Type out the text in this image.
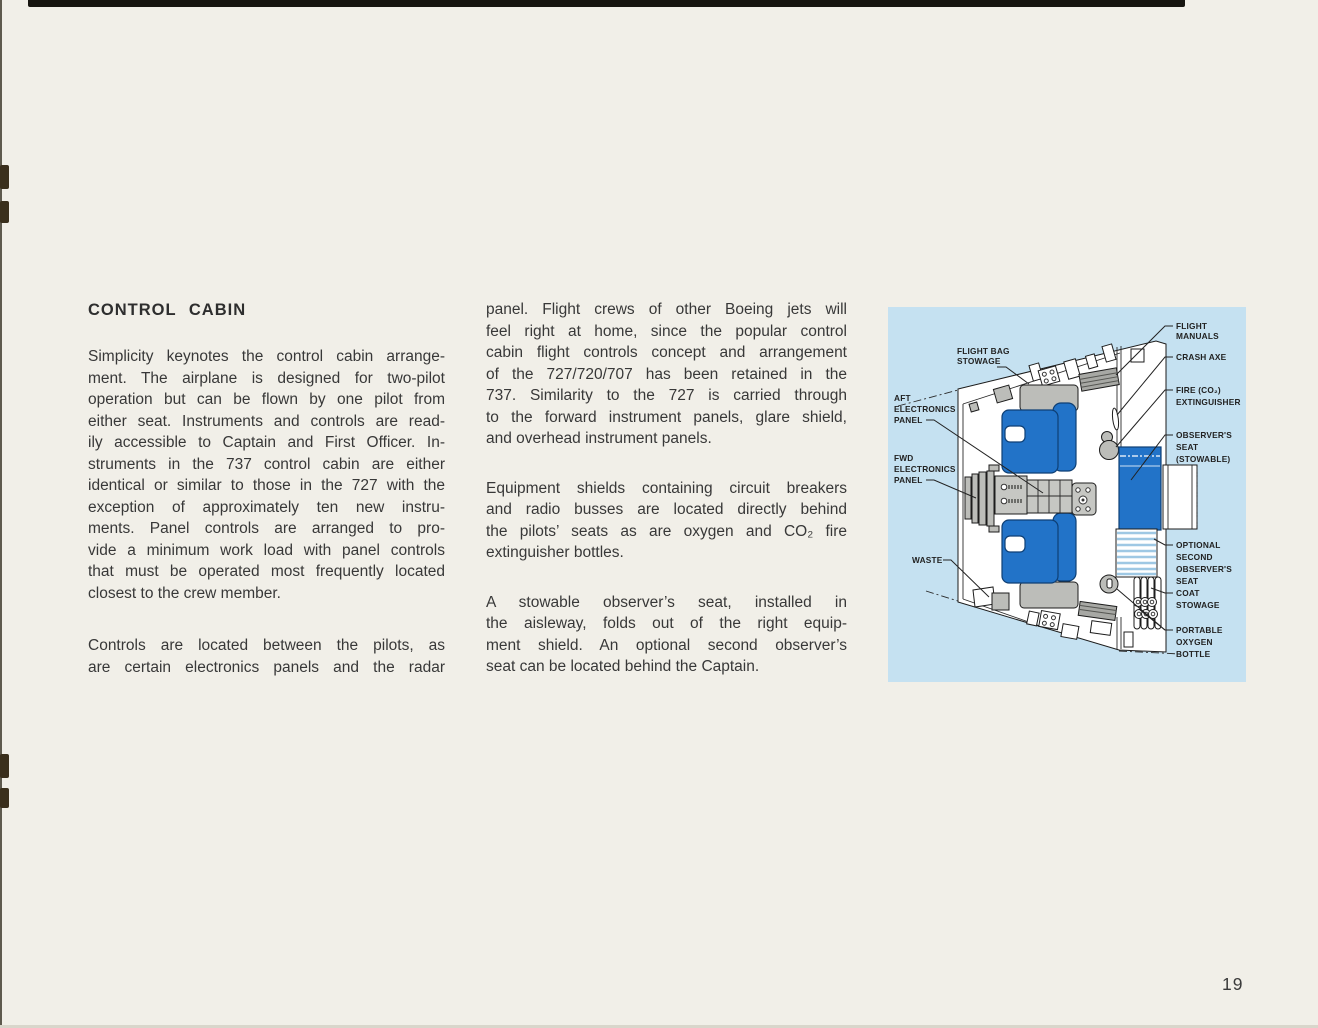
CONTROL CABIN
Simplicity keynotes the control cabin arrange-
ment. The airplane is designed for two-pilot
operation but can be flown by one pilot from
either seat. Instruments and controls are read-
ily accessible to Captain and First Officer. In-
struments in the 737 control cabin are either
identical or similar to those in the 727 with the
exception of approximately ten new instru-
ments. Panel controls are arranged to pro-
vide a minimum work load with panel controls
that must be operated most frequently located
closest to the crew member.
Controls are located between the pilots, as
are certain electronics panels and the radar
panel. Flight crews of other Boeing jets will
feel right at home, since the popular control
cabin flight controls concept and arrangement
of the 727/720/707 has been retained in the
737. Similarity to the 727 is carried through
to the forward instrument panels, glare shield,
and overhead instrument panels.
Equipment shields containing circuit breakers
and radio busses are located directly behind
the pilots’ seats as are oxygen and CO₂ fire
extinguisher bottles.
A stowable observer’s seat, installed in
the aisleway, folds out of the right equip-
ment shield. An optional second observer’s
seat can be located behind the Captain.
FLIGHT BAG
STOWAGE
AFT
ELECTRONICS
PANEL
FWD
ELECTRONICS
PANEL
WASTE
FLIGHT
MANUALS
CRASH AXE
FIRE (CO₂)
EXTINGUISHER
OBSERVER'S
SEAT
(STOWABLE)
OPTIONAL
SECOND
OBSERVER'S
SEAT
COAT
STOWAGE
PORTABLE
OXYGEN
BOTTLE
19
